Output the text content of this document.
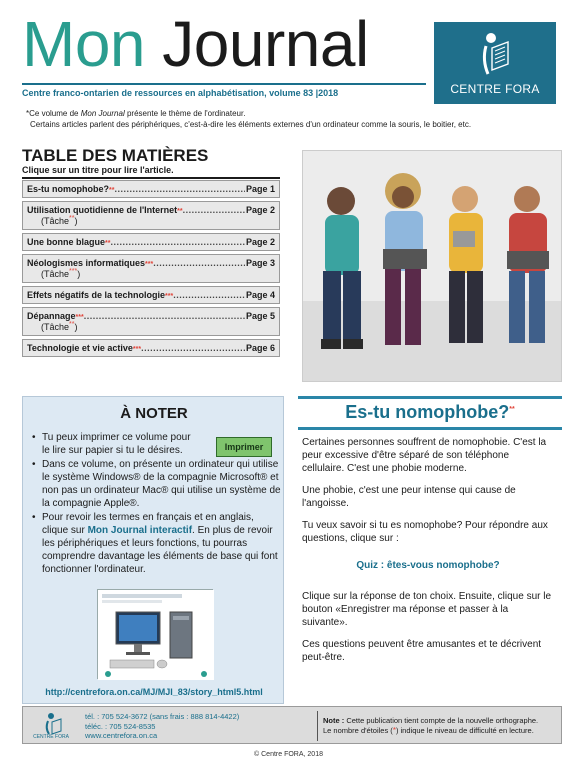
Mon Journal
Centre franco-ontarien de ressources en alphabétisation, volume 83 |2018	CENTRE FORA

*Ce volume de Mon Journal présente le thème de l'ordinateur.

Certains articles parlent des périphériques, c'est-à-dire les éléments externes d'un ordinateur comme la souris, le boitier, etc.

TABLE DES MATIÈRES
Clique sur un titre pour lire l'article.
Es-tu nomophobe? ** .....	Page 1
Utilisation quotidienne de l'Internet ** .....	Page 2
(Tâche**)
Une bonne blague ** .....	Page 2
Néologismes informatiques *** .....	Page 3
(Tâche***)
Effets négatifs de la technologie *** .....	Page 4
Dépannage *** .....	Page 5
(Tâche**)
Technologie et vie active *** .....	Page 6
À NOTER
Imprimer
• Tu peux imprimer ce volume pour le lire sur papier si tu le désires.
• Dans ce volume, on présente un ordinateur qui utilise le système Windows® de la compagnie Microsoft® et non pas un ordinateur Mac® qui utilise un système de la compagnie Apple®.
• Pour revoir les termes en français et en anglais, clique sur Mon Journal interactif. En plus de revoir les périphériques et leurs fonctions, tu pourras comprendre davantage les éléments de base qui font fonctionner l'ordinateur.
http://centrefora.on.ca/MJ/MJI_83/story_html5.html
Es-tu nomophobe?**

Certaines personnes souffrent de nomophobie. C'est la peur excessive d'être séparé de son téléphone cellulaire. C'est une phobie moderne.

Une phobie, c'est une peur intense qui cause de l'angoisse.

Tu veux savoir si tu es nomophobe? Pour répondre aux questions, clique sur :

Quiz : êtes-vous nomophobe?

Clique sur la réponse de ton choix. Ensuite, clique sur le bouton «Enregistrer ma réponse et passer à la suivante».

Ces questions peuvent être amusantes et te décrivent peut-être.

CENTRE FORA
tél. : 705 524-3672 (sans frais : 888 814-4422)
téléc. : 705 524-8535
www.centrefora.on.ca
Note : Cette publication tient compte de la nouvelle orthographe.
Le nombre d'étoiles (*) indique le niveau de difficulté en lecture.
© Centre FORA, 2018
